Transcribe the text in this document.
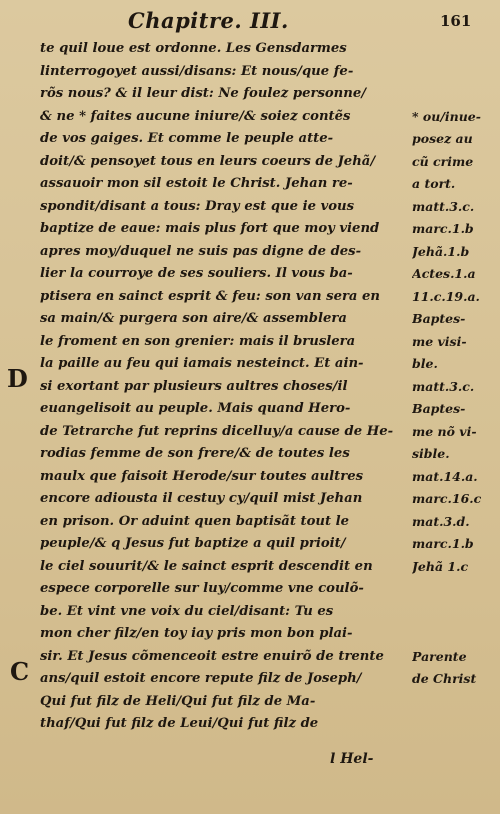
Chapitre. III.	161
D
C
te quil loue est ordonne. Les Gensdarmes
linterrogoyet aussi/disans: Et nous/que fe-
rõs nous? & il leur dist: Ne foulez personne/
& ne * faites aucune iniure/& soiez contẽs
de vos gaiges. Et comme le peuple atte-
doit/& pensoyet tous en leurs coeurs de Jehã/
assauoir mon sil estoit le Christ. Jehan re-
spondit/disant a tous: Dray est que ie vous
baptize de eaue: mais plus fort que moy viend
apres moy/duquel ne suis pas digne de des-
lier la courroye de ses souliers. Il vous ba-
ptisera en sainct esprit & feu: son van sera en
sa main/& purgera son aire/& assemblera
le froment en son grenier: mais il bruslera
la paille au feu qui iamais nesteinct. Et ain-
si exortant par plusieurs aultres choses/il
euangelisoit au peuple. Mais quand Hero-
de Tetrarche fut reprins dicelluy/a cause de He-
rodias femme de son frere/& de toutes les
maulx que faisoit Herode/sur toutes aultres
encore adiousta il cestuy cy/quil mist Jehan
en prison. Or aduint quen baptisãt tout le
peuple/& q Jesus fut baptize a quil prioit/
le ciel souurit/& le sainct esprit descendit en
espece corporelle sur luy/comme vne coulõ-
be. Et vint vne voix du ciel/disant: Tu es
mon cher filz/en toy iay pris mon bon plai-
sir. Et Jesus cõmenceoit estre enuirõ de trente
ans/quil estoit encore repute filz de Joseph/
Qui fut filz de Heli/Qui fut filz de Ma-
thaf/Qui fut filz de Leui/Qui fut filz de
* ou/inue-
posez au
cũ crime
a tort.
matt.3.c.
marc.1.b
Jehã.1.b
Actes.1.a
11.c.19.a.
Baptes-
me visi-
ble.
matt.3.c.
Baptes-
me nõ vi-
sible.
mat.14.a.
marc.16.c
mat.3.d.
marc.1.b
Jehã 1.c
Parente
de Christ
l Hel-
